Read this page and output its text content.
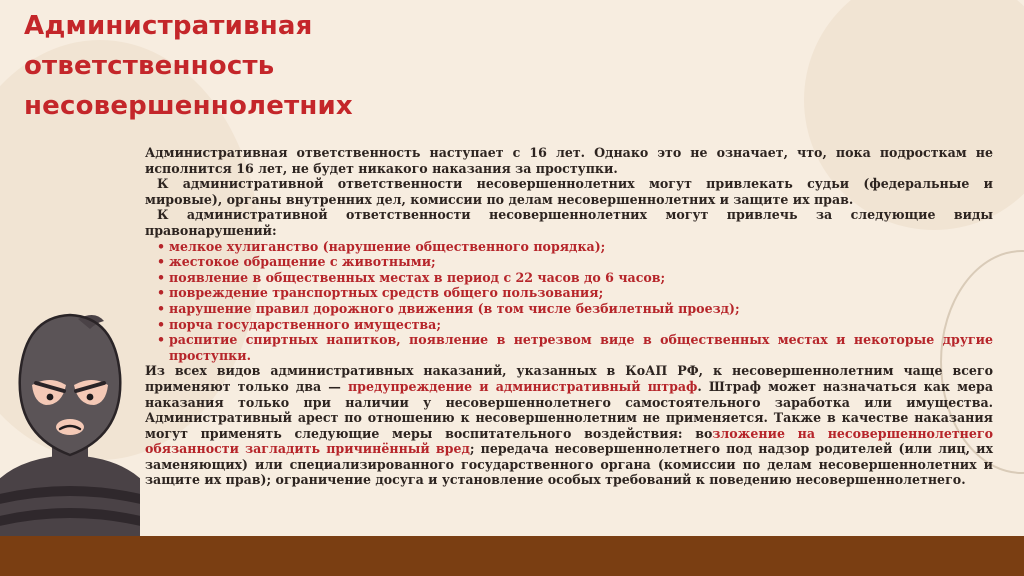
Административная
ответственность
несовершеннолетних

Административная ответственность наступает с 16 лет. Однако это не означает, что, пока подросткам не исполнится 16 лет, не будет никакого наказания за проступки.

К административной ответственности несовершеннолетних могут привлекать судьи (федеральные и мировые), органы внутренних дел, комиссии по делам несовершеннолетних и защите их прав.

К административной ответственности несовершеннолетних могут привлечь за следующие виды правонарушений:

• мелкое хулиганство (нарушение общественного порядка);
• жестокое обращение с животными;
• появление в общественных местах в период с 22 часов до 6 часов;
• повреждение транспортных средств общего пользования;
• нарушение правил дорожного движения (в том числе безбилетный проезд);
• порча государственного имущества;
• распитие спиртных напитков, появление в нетрезвом виде в общественных местах и некоторые другие проступки.

Из всех видов административных наказаний, указанных в КоАП РФ, к несовершеннолетним чаще всего применяют только два — предупреждение и административный штраф. Штраф может назначаться как мера наказания только при наличии у несовершеннолетнего самостоятельного заработка или имущества. Административный арест по отношению к несовершеннолетним не применяется. Также в качестве наказания могут применять следующие меры воспитательного воздействия: возложение на несовершеннолетнего обязанности загладить причинённый вред; передача несовершеннолетнего под надзор родителей (или лиц, их заменяющих) или специализированного государственного органа (комиссии по делам несовершеннолетних и защите их прав); ограничение досуга и установление особых требований к поведению несовершеннолетнего.
